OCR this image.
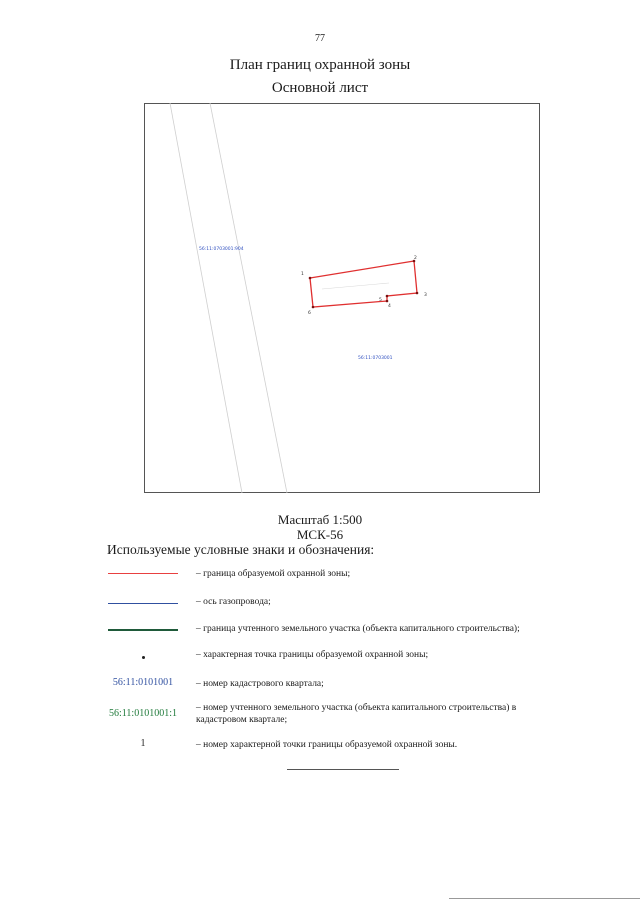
77
План границ охранной зоны
Основной лист
1
2
3
4
5
6
56:11:0703001:904
56:11:0703001
Масштаб 1:500
МСК-56
Используемые условные знаки и обозначения:
– граница образуемой охранной зоны;
– ось газопровода;
– граница учтенного земельного участка (объекта капитального строительства);
– характерная точка границы образуемой охранной зоны;
56:11:0101001	– номер кадастрового квартала;
56:11:0101001:1	– номер учтенного земельного участка (объекта капитального строительства) в кадастровом квартале;
1	– номер характерной точки границы образуемой охранной зоны.
